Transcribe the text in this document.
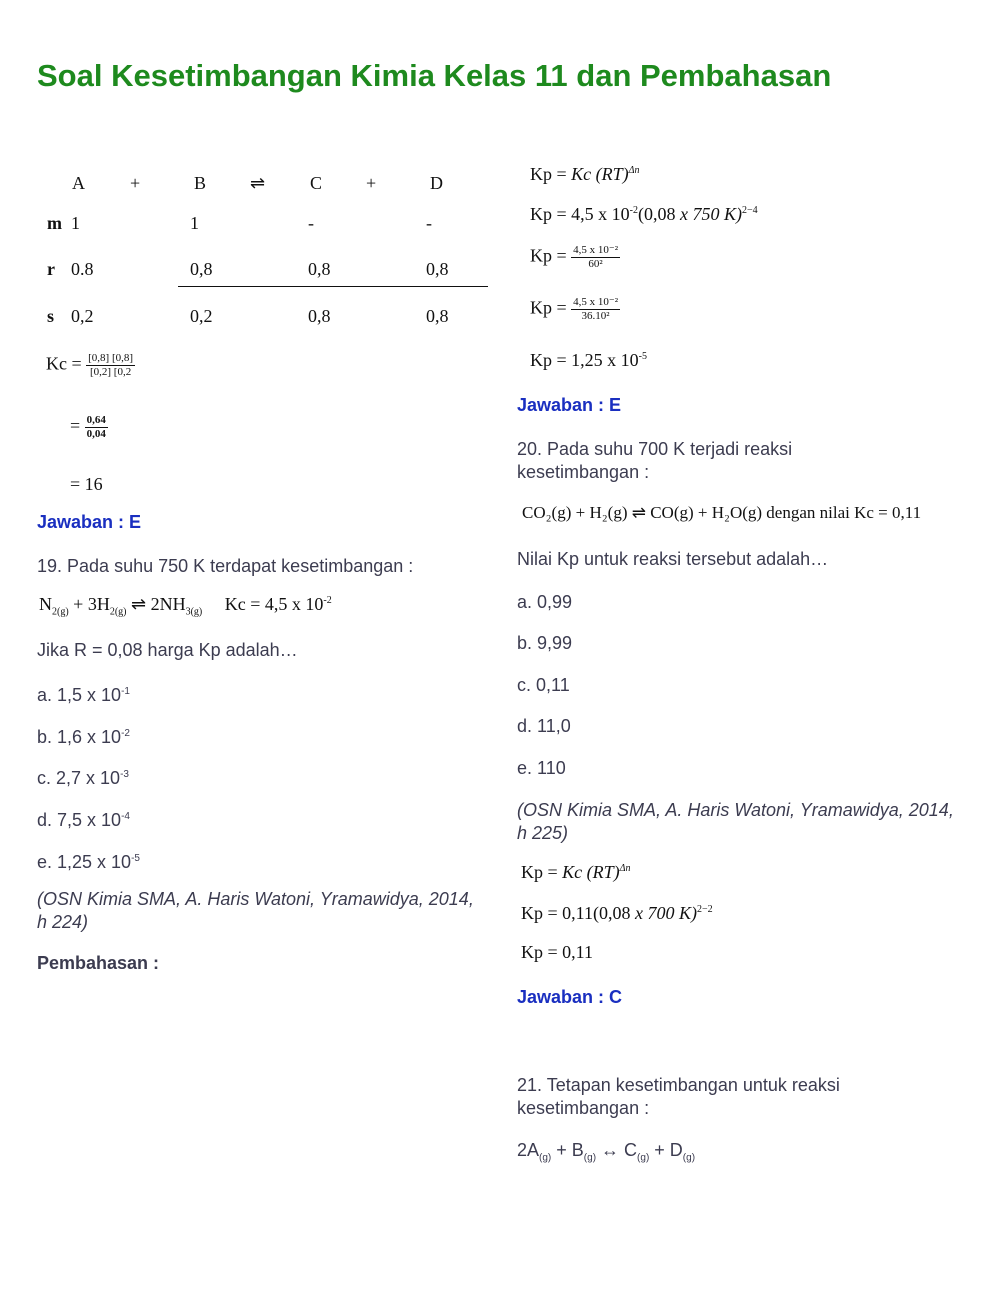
Soal Kesetimbangan Kimia Kelas 11 dan Pembahasan
	A	+	B	⇌	C	+	D
m 1	1	-	-
r 0.8	0,8	0,8	0,8
s 0,2	0,2	0,8	0,8
$Kc = \frac{[0,8] [0,8]}{[0,2] [0,2}$
= $\frac{0,64}{0,04}$
= 16
Jawaban : E
19. Pada suhu 750 K terdapat kesetimbangan :
$N_{2(g)} + 3H_{2(g)}$ ⇌ $2NH_{3(g)}$ Kc = 4,5 x $10^{-2}$
Jika R = 0,08 harga Kp adalah…
a. 1,5 x $10^{-1}$
b. 1,6 x $10^{-2}$
c. 2,7 x $10^{-3}$
d. 7,5 x $10^{-4}$
e. 1,25 x $10^{-5}$
(OSN Kimia SMA, A. Haris Watoni, Yramawidya, 2014, h 224)
Pembahasan :
Kp = Kc (RT)$^{\Delta n}$
Kp = 4,5 x $10^{-2}(0,08$ x 750 K)$^{2-4}$
$Kp = \frac{\text{4,5 x 10⁻²}}{\text{60²}}$
$Kp = \frac{\text{4,5 x 10⁻²}}{\text{36.10²}}$
Kp = 1,25 x $10^{-5}$
Jawaban : E
20. Pada suhu 700 K terjadi reaksi kesetimbangan :
CO₂(g) + H₂(g) ⇌ CO(g) + H₂O(g) dengan nilai Kc = 0,11
Nilai Kp untuk reaksi tersebut adalah…
a. 0,99
b. 9,99
c. 0,11
d. 11,0
e. 110
(OSN Kimia SMA, A. Haris Watoni, Yramawidya, 2014, h 225)
Kp = Kc (RT)$^{\Delta n}$
Kp = 0,11(0,08 x 700 K)$^{2-2}$
Kp = 0,11
Jawaban : C
21. Tetapan kesetimbangan untuk reaksi kesetimbangan :
$2A_{(g)} + B_{(g)}$ ↔ $C_{(g)} + D_{(g)}$
